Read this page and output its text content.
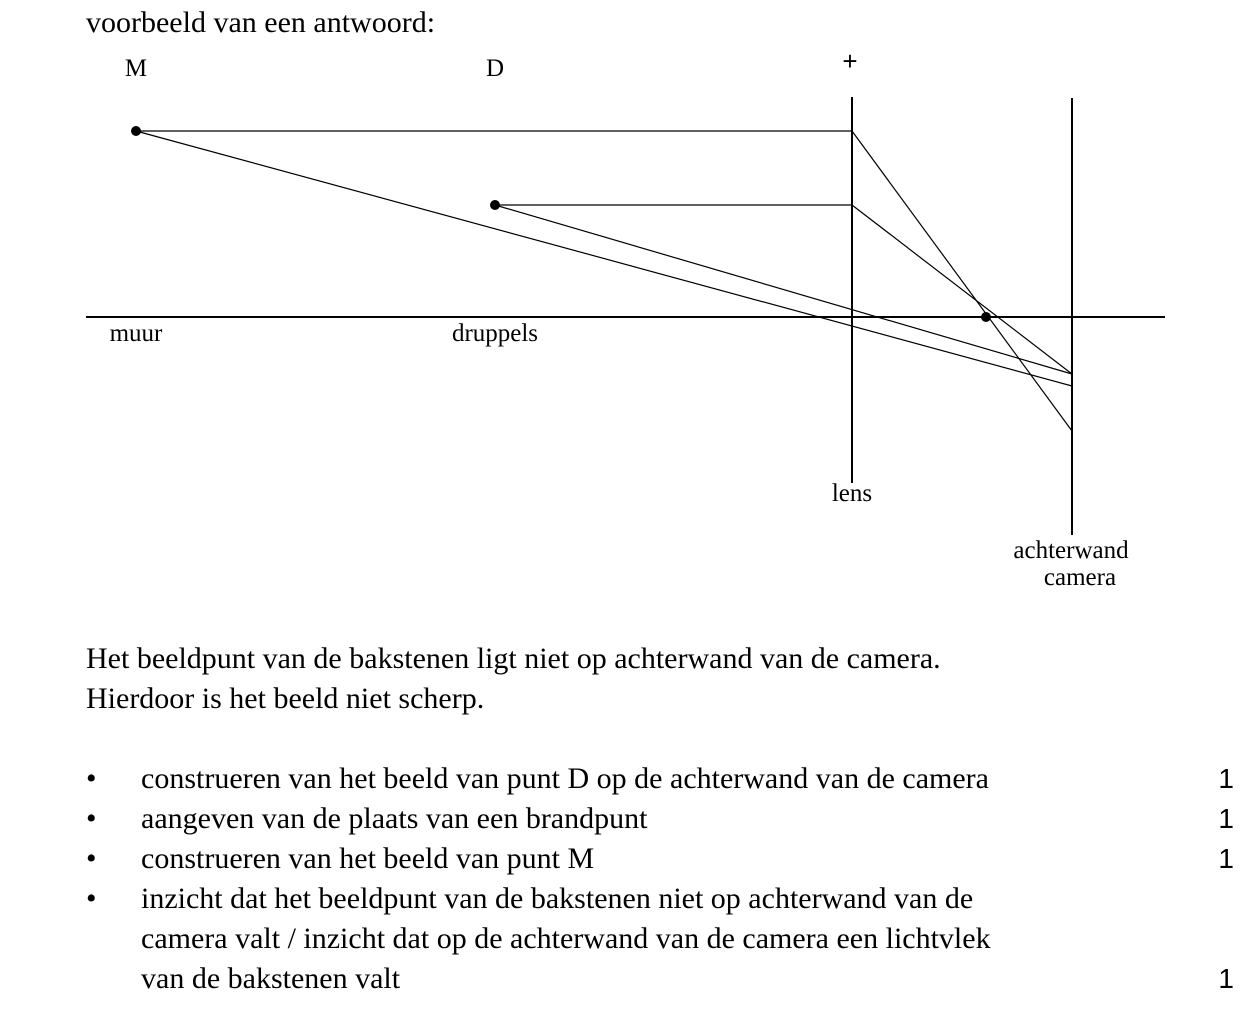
voorbeeld van een antwoord:
M	D	+
muur	druppels
lens
achterwand
camera

Het beeldpunt van de bakstenen ligt niet op achterwand van de camera.

Hierdoor is het beeld niet scherp.

• construeren van het beeld van punt D op de achterwand van de camera	1
• aangeven van de plaats van een brandpunt	1
• construeren van het beeld van punt M	1
• inzicht dat het beeldpunt van de bakstenen niet op achterwand van de
camera valt / inzicht dat op de achterwand van de camera een lichtvlek
van de bakstenen valt	1
